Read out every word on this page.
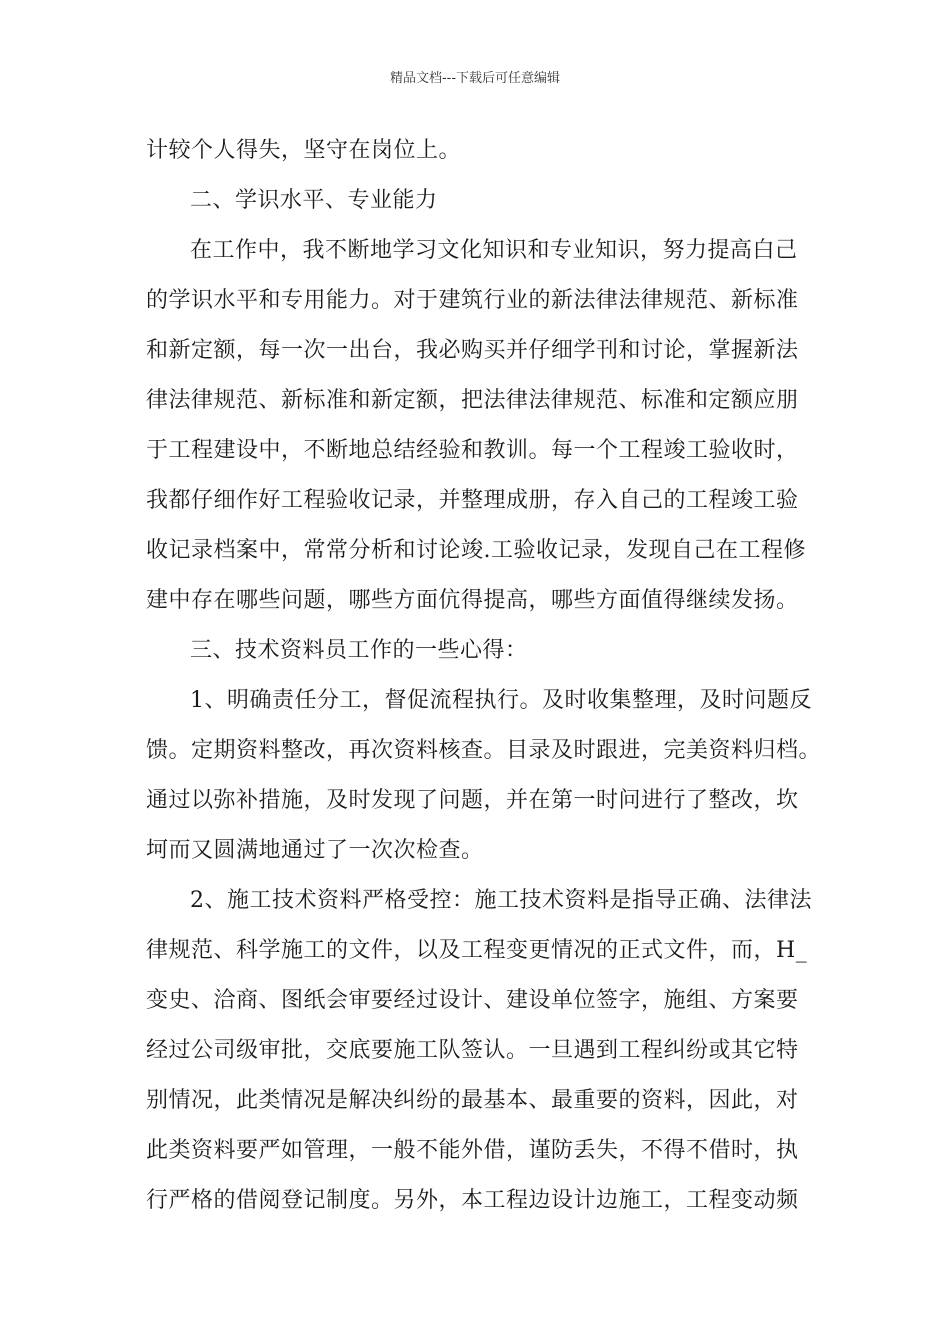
精品文档---下载后可任意编辑
计较个人得失，坚守在岗位上。
二、学识水平、专业能力
在工作中，我不断地学习文化知识和专业知识，努力提高白己
的学识水平和专用能力。对于建筑行业的新法律法律规范、新标准
和新定额，每一次一出台，我必购买并仔细学刊和讨论，掌握新法
律法律规范、新标准和新定额，把法律法律规范、标准和定额应朋
于工程建设中，不断地总结经验和教训。每一个工程竣工验收时，
我都仔细作好工程验收记录，并整理成册，存入自己的工程竣工验
收记录档案中，常常分析和讨论竣.工验收记录，发现自己在工程修
建中存在哪些问题，哪些方面伉得提高，哪些方面值得继续发扬。
三、技术资料员工作的一些心得：
1、明确责任分工，督促流程执行。及时收集整理，及时问题反
馈。定期资料整改，再次资料核查。目录及时跟进，完美资料归档。
通过以弥补措施，及时发现了问题，并在第一时问进行了整改，坎
坷而又圆满地通过了一次次检查。
2、施工技术资料严格受控：施工技术资料是指导正确、法律法
律规范、科学施工的文件，以及工程变更情况的正式文件，而，H_
变史、洽商、图纸会审要经过设计、建设单位签字，施组、方案要
经过公司级审批，交底要施工队签认。一旦遇到工程纠纷或其它特
别情况，此类情况是解决纠纷的最基本、最重要的资料，因此，对
此类资料要严如管理，一般不能外借，谨防丢失，不得不借时，执
行严格的借阅登记制度。另外，本工程边设计边施工，工程变动频
